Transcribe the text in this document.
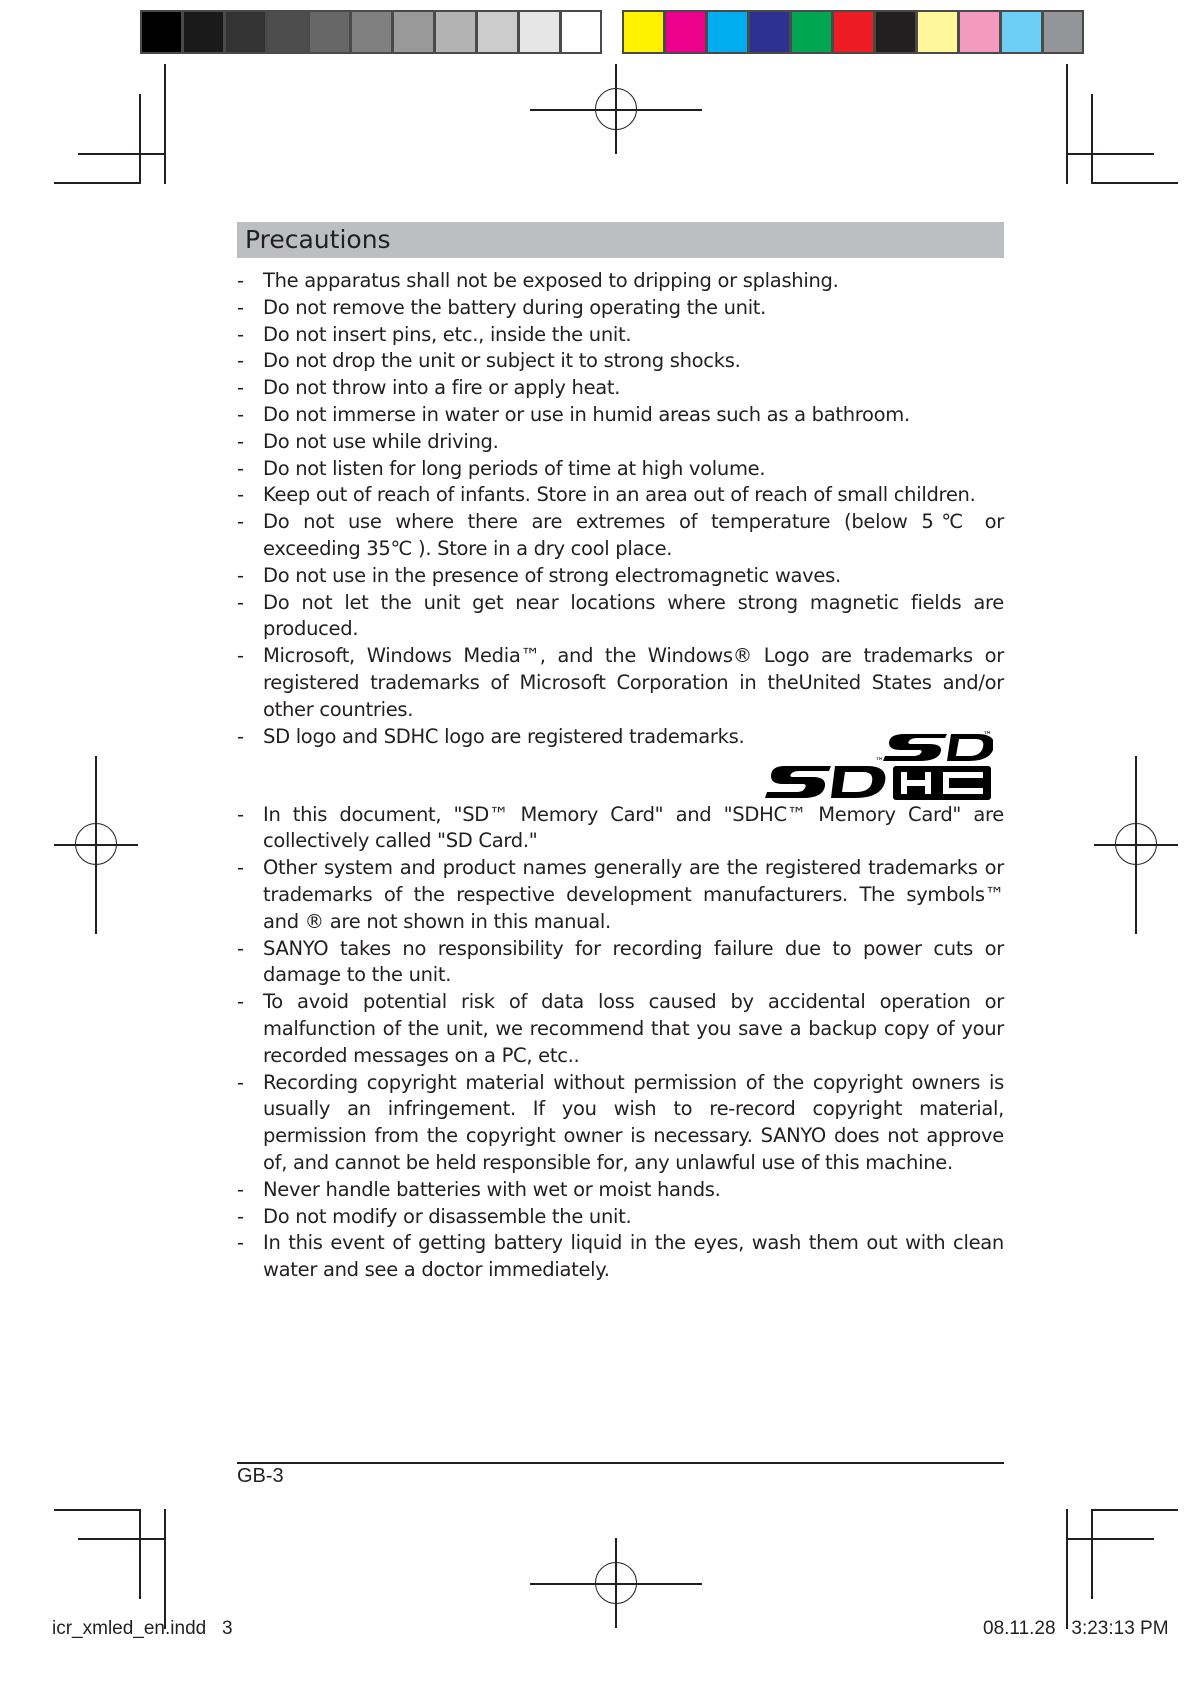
Precautions
- The apparatus shall not be exposed to dripping or splashing.
- Do not remove the battery during operating the unit.
- Do not insert pins, etc., inside the unit.
- Do not drop the unit or subject it to strong shocks.
- Do not throw into a fire or apply heat.
- Do not immerse in water or use in humid areas such as a bathroom.
- Do not use while driving.
- Do not listen for long periods of time at high volume.
- Keep out of reach of infants. Store in an area out of reach of small children.
- Do not use where there are extremes of temperature (below 5℃ or exceeding 35℃ ). Store in a dry cool place.
- Do not use in the presence of strong electromagnetic waves.
- Do not let the unit get near locations where strong magnetic fields are produced.
- Microsoft, Windows Media™, and the Windows® Logo are trademarks or registered trademarks of Microsoft Corporation in theUnited States and/or other countries.
- SD logo and SDHC logo are registered trademarks.
- In this document, "SD™ Memory Card" and "SDHC™ Memory Card" are collectively called "SD Card."
- Other system and product names generally are the registered trademarks or trademarks of the respective development manufacturers. The symbols™ and ® are not shown in this manual.
- SANYO takes no responsibility for recording failure due to power cuts or damage to the unit.
- To avoid potential risk of data loss caused by accidental operation or malfunction of the unit, we recommend that you save a backup copy of your recorded messages on a PC, etc..
- Recording copyright material without permission of the copyright owners is usually an infringement. If you wish to re-record copyright material, permission from the copyright owner is necessary. SANYO does not approve of, and cannot be held responsible for, any unlawful use of this machine.
- Never handle batteries with wet or moist hands.
- Do not modify or disassemble the unit.
- In this event of getting battery liquid in the eyes, wash them out with clean water and see a doctor immediately.
™
™
GB-3
icr_xmled_en.indd   3	08.11.28   3:23:13 PM
